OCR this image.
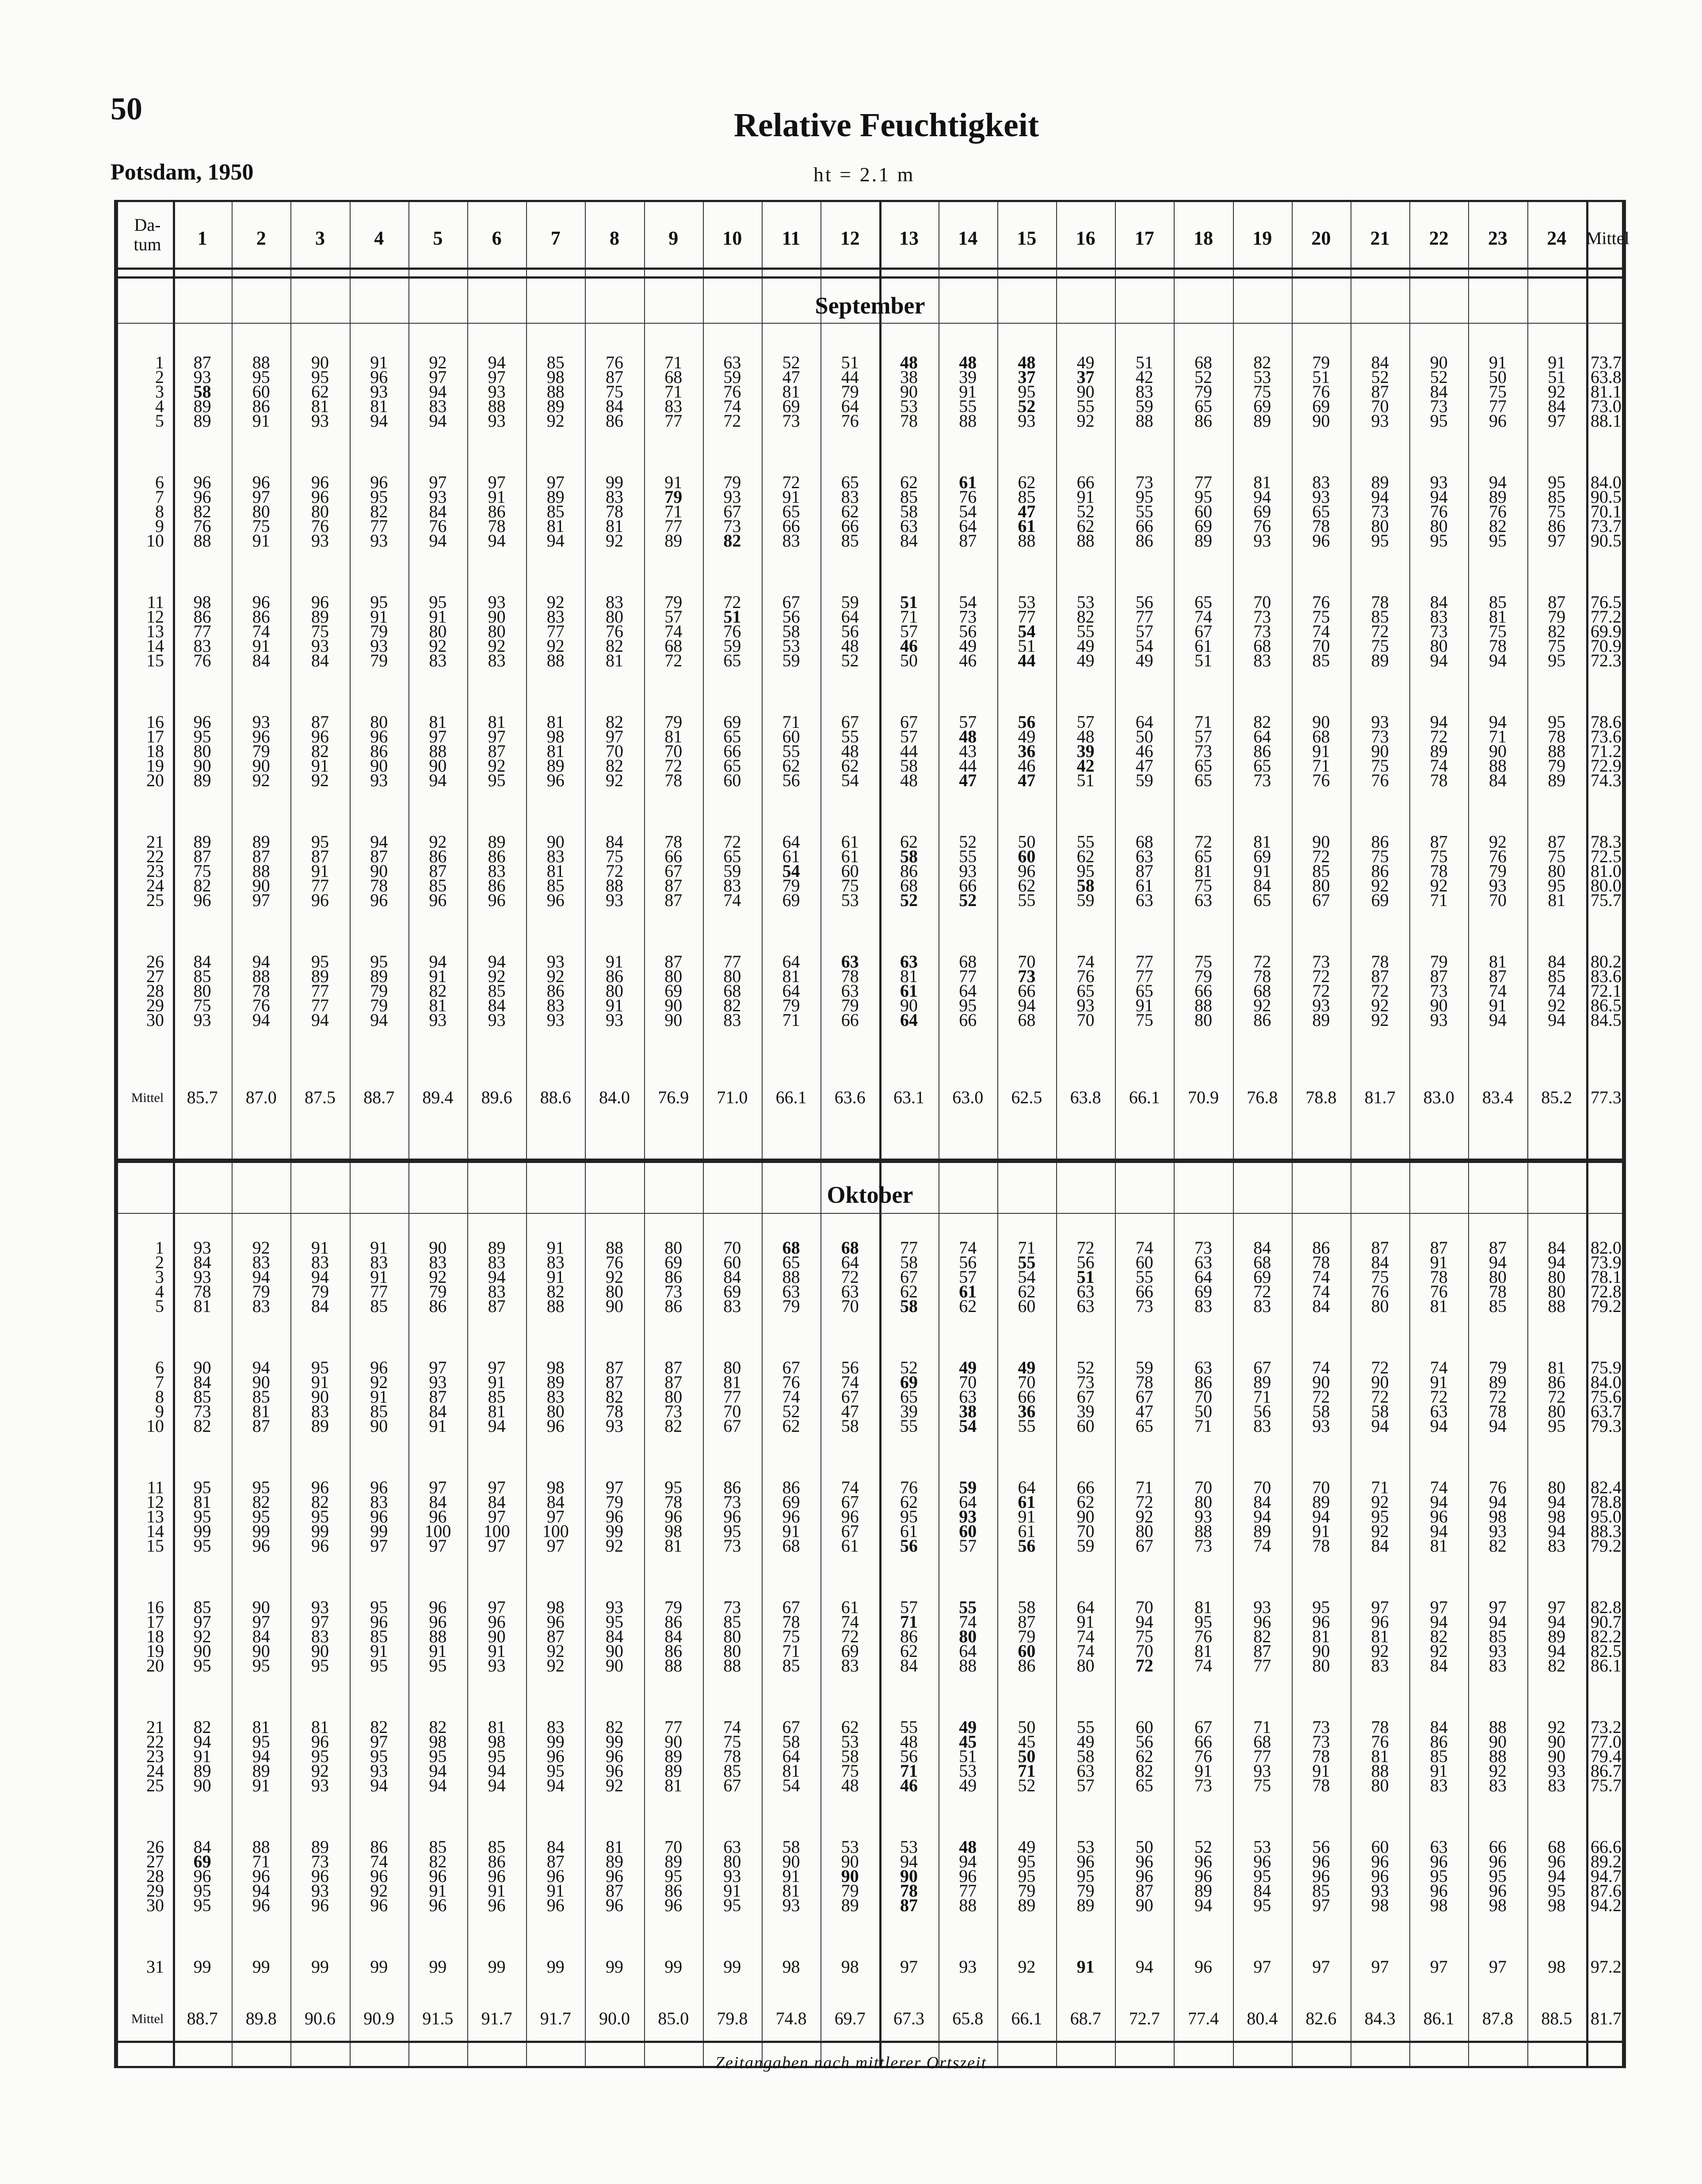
50	Relative Feuchtigkeit
Potsdam, 1950	ht = 2.1 m
Da-
tum	1	2	3	4	5	6	7	8	9	10	11	12	13	14	15	16	17	18	19	20	21	22	23	24	Mittel
September
1	87	88	90	91	92	94	85	76	71	63	52	51	48	48	48	49	51	68	82	79	84	90	91	91	73.7
2	93	95	95	96	97	97	98	87	68	59	47	44	38	39	37	37	42	52	53	51	52	52	50	51	63.8
3	58	60	62	93	94	93	88	75	71	76	81	79	90	91	95	90	83	79	75	76	87	84	75	92	81.1
4	89	86	81	81	83	88	89	84	83	74	69	64	53	55	52	55	59	65	69	69	70	73	77	84	73.0
5	89	91	93	94	94	93	92	86	77	72	73	76	78	88	93	92	88	86	89	90	93	95	96	97	88.1
6	96	96	96	96	97	97	97	99	91	79	72	65	62	61	62	66	73	77	81	83	89	93	94	95	84.0
7	96	97	96	95	93	91	89	83	79	93	91	83	85	76	85	91	95	95	94	93	94	94	89	85	90.5
8	82	80	80	82	84	86	85	78	71	67	65	62	58	54	47	52	55	60	69	65	73	76	76	75	70.1
9	76	75	76	77	76	78	81	81	77	73	66	66	63	64	61	62	66	69	76	78	80	80	82	86	73.7
10	88	91	93	93	94	94	94	92	89	82	83	85	84	87	88	88	86	89	93	96	95	95	95	97	90.5
11	98	96	96	95	95	93	92	83	79	72	67	59	51	54	53	53	56	65	70	76	78	84	85	87	76.5
12	86	86	89	91	91	90	83	80	57	51	56	64	71	73	77	82	77	74	73	75	85	83	81	79	77.2
13	77	74	75	79	80	80	77	76	74	76	58	56	57	56	54	55	57	67	73	74	72	73	75	82	69.9
14	83	91	93	93	92	92	92	82	68	59	53	48	46	49	51	49	54	61	68	70	75	80	78	75	70.9
15	76	84	84	79	83	83	88	81	72	65	59	52	50	46	44	49	49	51	83	85	89	94	94	95	72.3
16	96	93	87	80	81	81	81	82	79	69	71	67	67	57	56	57	64	71	82	90	93	94	94	95	78.6
17	95	96	96	96	97	97	98	97	81	65	60	55	57	48	49	48	50	57	64	68	73	72	71	78	73.6
18	80	79	82	86	88	87	81	70	70	66	55	48	44	43	36	39	46	73	86	91	90	89	90	88	71.2
19	90	90	91	90	90	92	89	82	72	65	62	62	58	44	46	42	47	65	65	71	75	74	88	79	72.9
20	89	92	92	93	94	95	96	92	78	60	56	54	48	47	47	51	59	65	73	76	76	78	84	89	74.3
21	89	89	95	94	92	89	90	84	78	72	64	61	62	52	50	55	68	72	81	90	86	87	92	87	78.3
22	87	87	87	87	86	86	83	75	66	65	61	61	58	55	60	62	63	65	69	72	75	75	76	75	72.5
23	75	88	91	90	87	83	81	72	67	59	54	60	86	93	96	95	87	81	91	85	86	78	79	80	81.0
24	82	90	77	78	85	86	85	88	87	83	79	75	68	66	62	58	61	75	84	80	92	92	93	95	80.0
25	96	97	96	96	96	96	96	93	87	74	69	53	52	52	55	59	63	63	65	67	69	71	70	81	75.7
26	84	94	95	95	94	94	93	91	87	77	64	63	63	68	70	74	77	75	72	73	78	79	81	84	80.2
27	85	88	89	89	91	92	92	86	80	80	81	78	81	77	73	76	77	79	78	72	87	87	87	85	83.6
28	80	78	77	79	82	85	86	80	69	68	64	63	61	64	66	65	65	66	68	72	72	73	74	74	72.1
29	75	76	77	79	81	84	83	91	90	82	79	79	90	95	94	93	91	88	92	93	92	90	91	92	86.5
30	93	94	94	94	93	93	93	93	90	83	71	66	64	66	68	70	75	80	86	89	92	93	94	94	84.5
Mittel	85.7	87.0	87.5	88.7	89.4	89.6	88.6	84.0	76.9	71.0	66.1	63.6	63.1	63.0	62.5	63.8	66.1	70.9	76.8	78.8	81.7	83.0	83.4	85.2	77.3
Oktober
1	93	92	91	91	90	89	91	88	80	70	68	68	77	74	71	72	74	73	84	86	87	87	87	84	82.0
2	84	83	83	83	83	83	83	76	69	60	65	64	58	56	55	56	60	63	68	78	84	91	94	94	73.9
3	93	94	94	91	92	94	91	92	86	84	88	72	67	57	54	51	55	64	69	74	75	78	80	80	78.1
4	78	79	79	77	79	83	82	80	73	69	63	63	62	61	62	63	66	69	72	74	76	76	78	80	72.8
5	81	83	84	85	86	87	88	90	86	83	79	70	58	62	60	63	73	83	83	84	80	81	85	88	79.2
6	90	94	95	96	97	97	98	87	87	80	67	56	52	49	49	52	59	63	67	74	72	74	79	81	75.9
7	84	90	91	92	93	91	89	87	87	81	76	74	69	70	70	73	78	86	89	90	90	91	89	86	84.0
8	85	85	90	91	87	85	83	82	80	77	74	67	65	63	66	67	67	70	71	72	72	72	72	72	75.6
9	73	81	83	85	84	81	80	78	73	70	52	47	39	38	36	39	47	50	56	58	58	63	78	80	63.7
10	82	87	89	90	91	94	96	93	82	67	62	58	55	54	55	60	65	71	83	93	94	94	94	95	79.3
11	95	95	96	96	97	97	98	97	95	86	86	74	76	59	64	66	71	70	70	70	71	74	76	80	82.4
12	81	82	82	83	84	84	84	79	78	73	69	67	62	64	61	62	72	80	84	89	92	94	94	94	78.8
13	95	95	95	96	96	97	97	96	96	96	96	96	95	93	91	90	92	93	94	94	95	96	98	98	95.0
14	99	99	99	99	100	100	100	99	98	95	91	67	61	60	61	70	80	88	89	91	92	94	93	94	88.3
15	95	96	96	97	97	97	97	92	81	73	68	61	56	57	56	59	67	73	74	78	84	81	82	83	79.2
16	85	90	93	95	96	97	98	93	79	73	67	61	57	55	58	64	70	81	93	95	97	97	97	97	82.8
17	97	97	97	96	96	96	96	95	86	85	78	74	71	74	87	91	94	95	96	96	96	94	94	94	90.7
18	92	84	83	85	88	90	87	84	84	80	75	72	86	80	79	74	75	76	82	81	81	82	85	89	82.2
19	90	90	90	91	91	91	92	90	86	80	71	69	62	64	60	74	70	81	87	90	92	92	93	94	82.5
20	95	95	95	95	95	93	92	90	88	88	85	83	84	88	86	80	72	74	77	80	83	84	83	82	86.1
21	82	81	81	82	82	81	83	82	77	74	67	62	55	49	50	55	60	67	71	73	78	84	88	92	73.2
22	94	95	96	97	98	98	99	99	90	75	58	53	48	45	45	49	56	66	68	73	76	86	90	90	77.0
23	91	94	95	95	95	95	96	96	89	78	64	58	56	51	50	58	62	76	77	78	81	85	88	90	79.4
24	89	89	92	93	94	94	95	96	89	85	81	75	71	53	71	63	82	91	93	91	88	91	92	93	86.7
25	90	91	93	94	94	94	94	92	81	67	54	48	46	49	52	57	65	73	75	78	80	83	83	83	75.7
26	84	88	89	86	85	85	84	81	70	63	58	53	53	48	49	53	50	52	53	56	60	63	66	68	66.6
27	69	71	73	74	82	86	87	89	89	80	90	90	94	94	95	96	96	96	96	96	96	96	96	96	89.2
28	96	96	96	96	96	96	96	96	95	93	91	90	90	96	95	95	96	96	95	96	96	95	95	94	94.7
29	95	94	93	92	91	91	91	87	86	91	81	79	78	77	79	79	87	89	84	85	93	96	96	95	87.6
30	95	96	96	96	96	96	96	96	96	95	93	89	87	88	89	89	90	94	95	97	98	98	98	98	94.2
31	99	99	99	99	99	99	99	99	99	99	98	98	97	93	92	91	94	96	97	97	97	97	97	98	97.2
Mittel	88.7	89.8	90.6	90.9	91.5	91.7	91.7	90.0	85.0	79.8	74.8	69.7	67.3	65.8	66.1	68.7	72.7	77.4	80.4	82.6	84.3	86.1	87.8	88.5	81.7
Zeitangaben nach mittlerer Ortszeit
